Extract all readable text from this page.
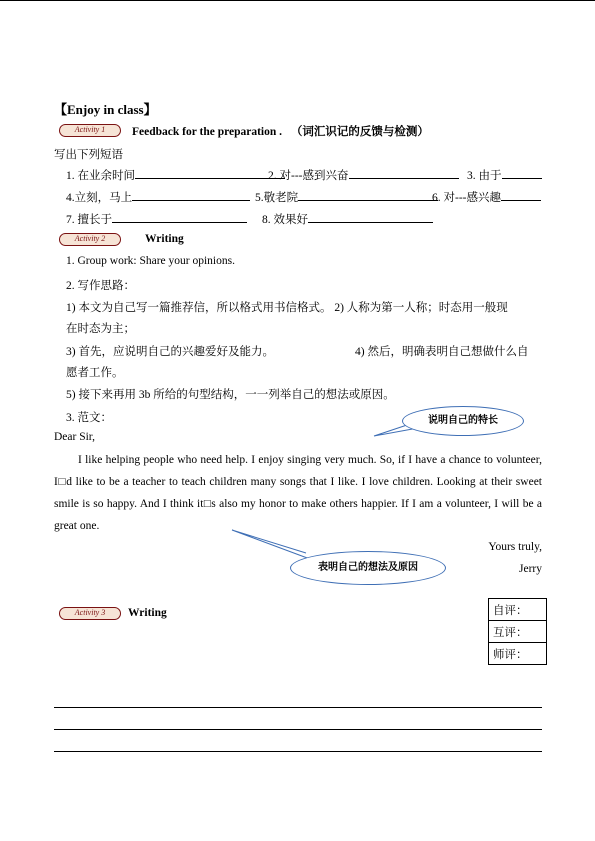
【Enjoy in class】
Activity 1	Feedback for the preparation . （词汇识记的反馈与检测）
写出下列短语
1. 在业余时间	2. 对---感到兴奋	3. 由于
4.立刻，马上	5.敬老院	6. 对---感兴趣
7. 擅长于	8. 效果好
Activity 2	Writing
1. Group work: Share your opinions.
2. 写作思路：
1) 本文为自己写一篇推荐信，所以格式用书信格式。 2) 人称为第一人称；时态用一般现
在时态为主；
3) 首先，应说明自己的兴趣爱好及能力。	4) 然后，明确表明自己想做什么自
愿者工作。
5) 接下来再用 3b 所给的句型结构，一一列举自己的想法或原因。
3. 范文：
Dear Sir,
I like helping people who need help. I enjoy singing very much. So, if I have a chance to volunteer, I□d like to be a teacher to teach children many songs that I like. I love children. Looking at their sweet smile is so happy. And I think it□s also my honor to make others happier. If I am a volunteer, I will be a great one.
Yours truly,
Jerry
说明自己的特长
表明自己的想法及原因
Activity 3	Writing	自评：
互评：
师评：
